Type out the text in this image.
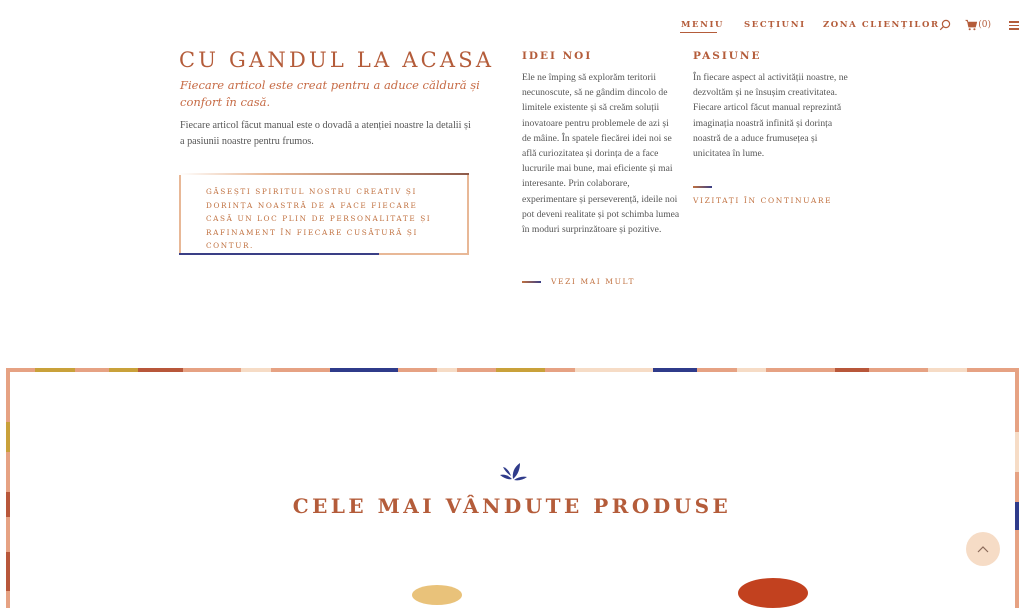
MENIU SECȚIUNI ZONA CLIENȚILOR	(0)
CU GANDUL LA ACASA

Fiecare articol este creat pentru a aduce căldură și confort în casă.

Fiecare articol făcut manual este o dovadă a atenției noastre la detalii și a pasiunii noastre pentru frumos.

GĂSEȘTI SPIRITUL NOSTRU CREATIV ȘI DORINȚA NOASTRĂ DE A FACE FIECARE CASĂ UN LOC PLIN DE PERSONALITATE ȘI RAFINAMENT ÎN FIECARE CUSĂTURĂ ȘI CONTUR.

IDEI NOI

Ele ne împing să explorăm teritorii necunoscute, să ne gândim dincolo de limitele existente și să creăm soluții inovatoare pentru problemele de azi și de mâine. În spatele fiecărei idei noi se află curiozitatea și dorința de a face lucrurile mai bune, mai eficiente și mai interesante. Prin colaborare, experimentare și perseverență, ideile noi pot deveni realitate și pot schimba lumea în moduri surprinzătoare și pozitive.

VEZI MAI MULT
PASIUNE

În fiecare aspect al activității noastre, ne dezvoltăm și ne însușim creativitatea. Fiecare articol făcut manual reprezintă imaginația noastră infinită și dorința noastră de a aduce frumusețea și unicitatea în lume.

VIZITAȚI ÎN CONTINUARE
CELE MAI VÂNDUTE PRODUSE
